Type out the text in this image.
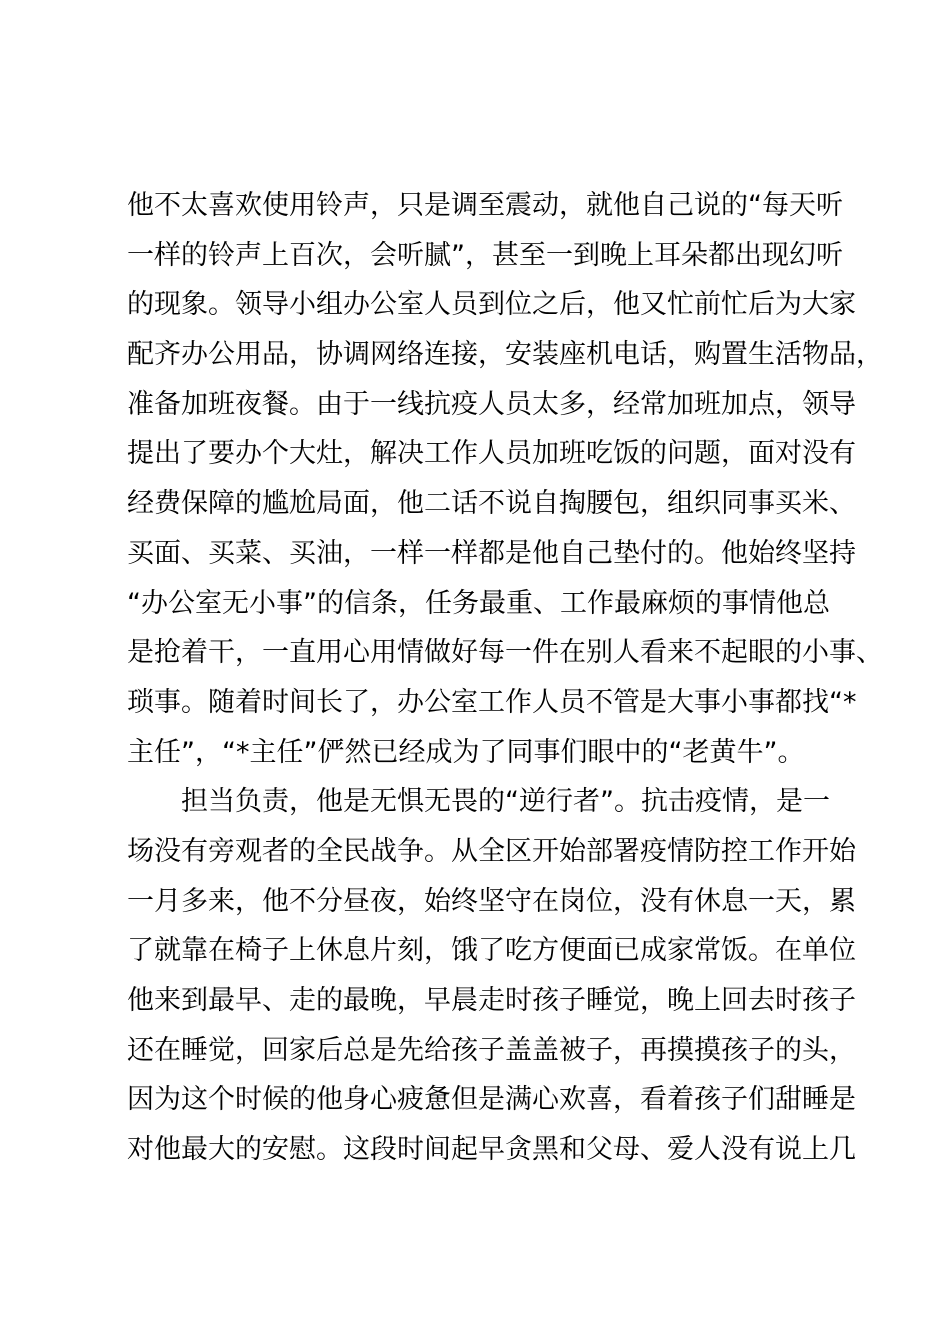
他不太喜欢使用铃声，只是调至震动，就他自己说的“每天听
一样的铃声上百次，会听腻”，甚至一到晚上耳朵都出现幻听
的现象。领导小组办公室人员到位之后，他又忙前忙后为大家
配齐办公用品，协调网络连接，安装座机电话，购置生活物品，
准备加班夜餐。由于一线抗疫人员太多，经常加班加点，领导
提出了要办个大灶，解决工作人员加班吃饭的问题，面对没有
经费保障的尴尬局面，他二话不说自掏腰包，组织同事买米、
买面、买菜、买油，一样一样都是他自己垫付的。他始终坚持
“办公室无小事”的信条，任务最重、工作最麻烦的事情他总
是抢着干，一直用心用情做好每一件在别人看来不起眼的小事、
琐事。随着时间长了，办公室工作人员不管是大事小事都找“*
主任”，“*主任”俨然已经成为了同事们眼中的“老黄牛”。
担当负责，他是无惧无畏的“逆行者”。抗击疫情，是一
场没有旁观者的全民战争。从全区开始部署疫情防控工作开始
一月多来，他不分昼夜，始终坚守在岗位，没有休息一天，累
了就靠在椅子上休息片刻，饿了吃方便面已成家常饭。在单位
他来到最早、走的最晚，早晨走时孩子睡觉，晚上回去时孩子
还在睡觉，回家后总是先给孩子盖盖被子，再摸摸孩子的头，
因为这个时候的他身心疲惫但是满心欢喜，看着孩子们甜睡是
对他最大的安慰。这段时间起早贪黑和父母、爱人没有说上几
